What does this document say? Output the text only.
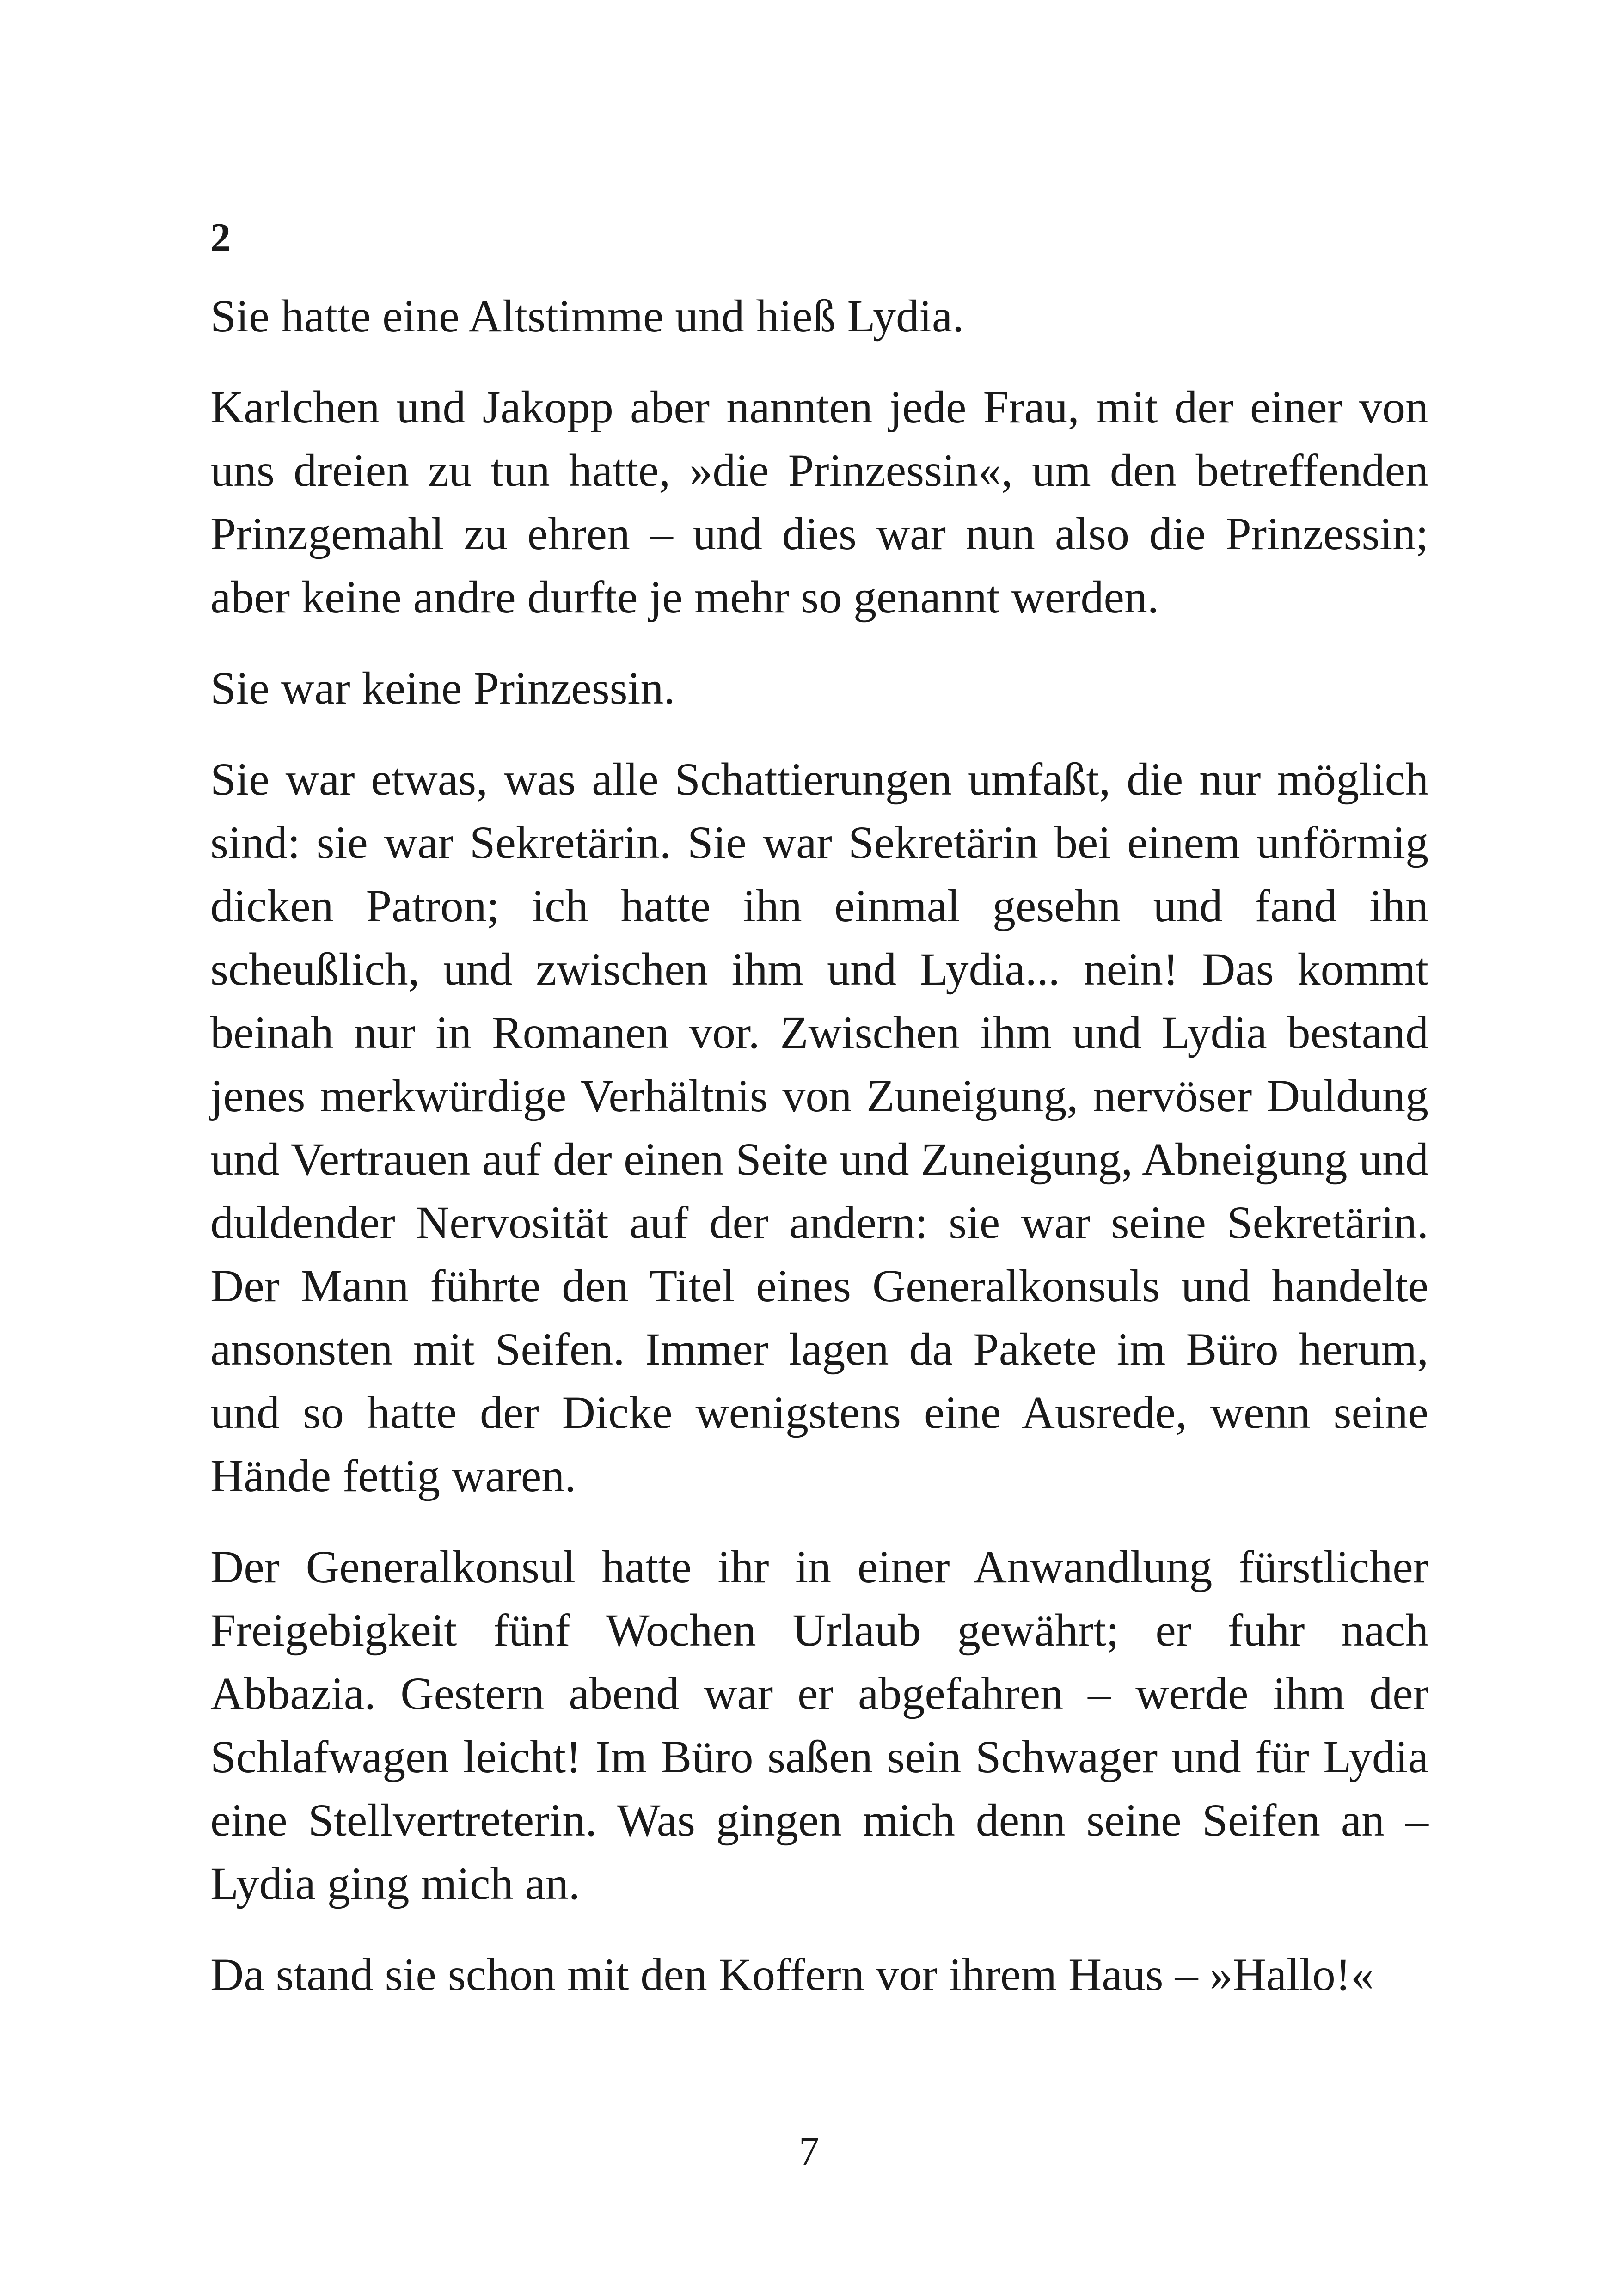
2

Sie hatte eine Altstimme und hieß Lydia.

Karlchen und Jakopp aber nannten jede Frau, mit der einer von uns dreien zu tun hatte, »die Prinzessin«, um den betreffenden Prinzgemahl zu ehren – und dies war nun also die Prinzessin; aber keine andre durfte je mehr so genannt werden.

Sie war keine Prinzessin.

Sie war etwas, was alle Schattierungen umfaßt, die nur möglich sind: sie war Sekretärin. Sie war Sekretärin bei einem unförmig dicken Patron; ich hatte ihn einmal gesehn und fand ihn scheußlich, und zwischen ihm und Lydia... nein! Das kommt beinah nur in Romanen vor. Zwischen ihm und Lydia bestand jenes merkwürdige Verhältnis von Zuneigung, nervöser Duldung und Vertrauen auf der einen Seite und Zuneigung, Abneigung und duldender Nervosität auf der andern: sie war seine Sekretärin. Der Mann führte den Titel eines Generalkonsuls und handelte ansonsten mit Seifen. Immer lagen da Pakete im Büro herum, und so hatte der Dicke wenigstens eine Ausrede, wenn seine Hände fettig waren.

Der Generalkonsul hatte ihr in einer Anwandlung fürstlicher Freigebigkeit fünf Wochen Urlaub gewährt; er fuhr nach Abbazia. Gestern abend war er abgefahren – werde ihm der Schlafwagen leicht! Im Büro saßen sein Schwager und für Lydia eine Stellvertreterin. Was gingen mich denn seine Seifen an – Lydia ging mich an.

Da stand sie schon mit den Koffern vor ihrem Haus – »Hallo!«

7
